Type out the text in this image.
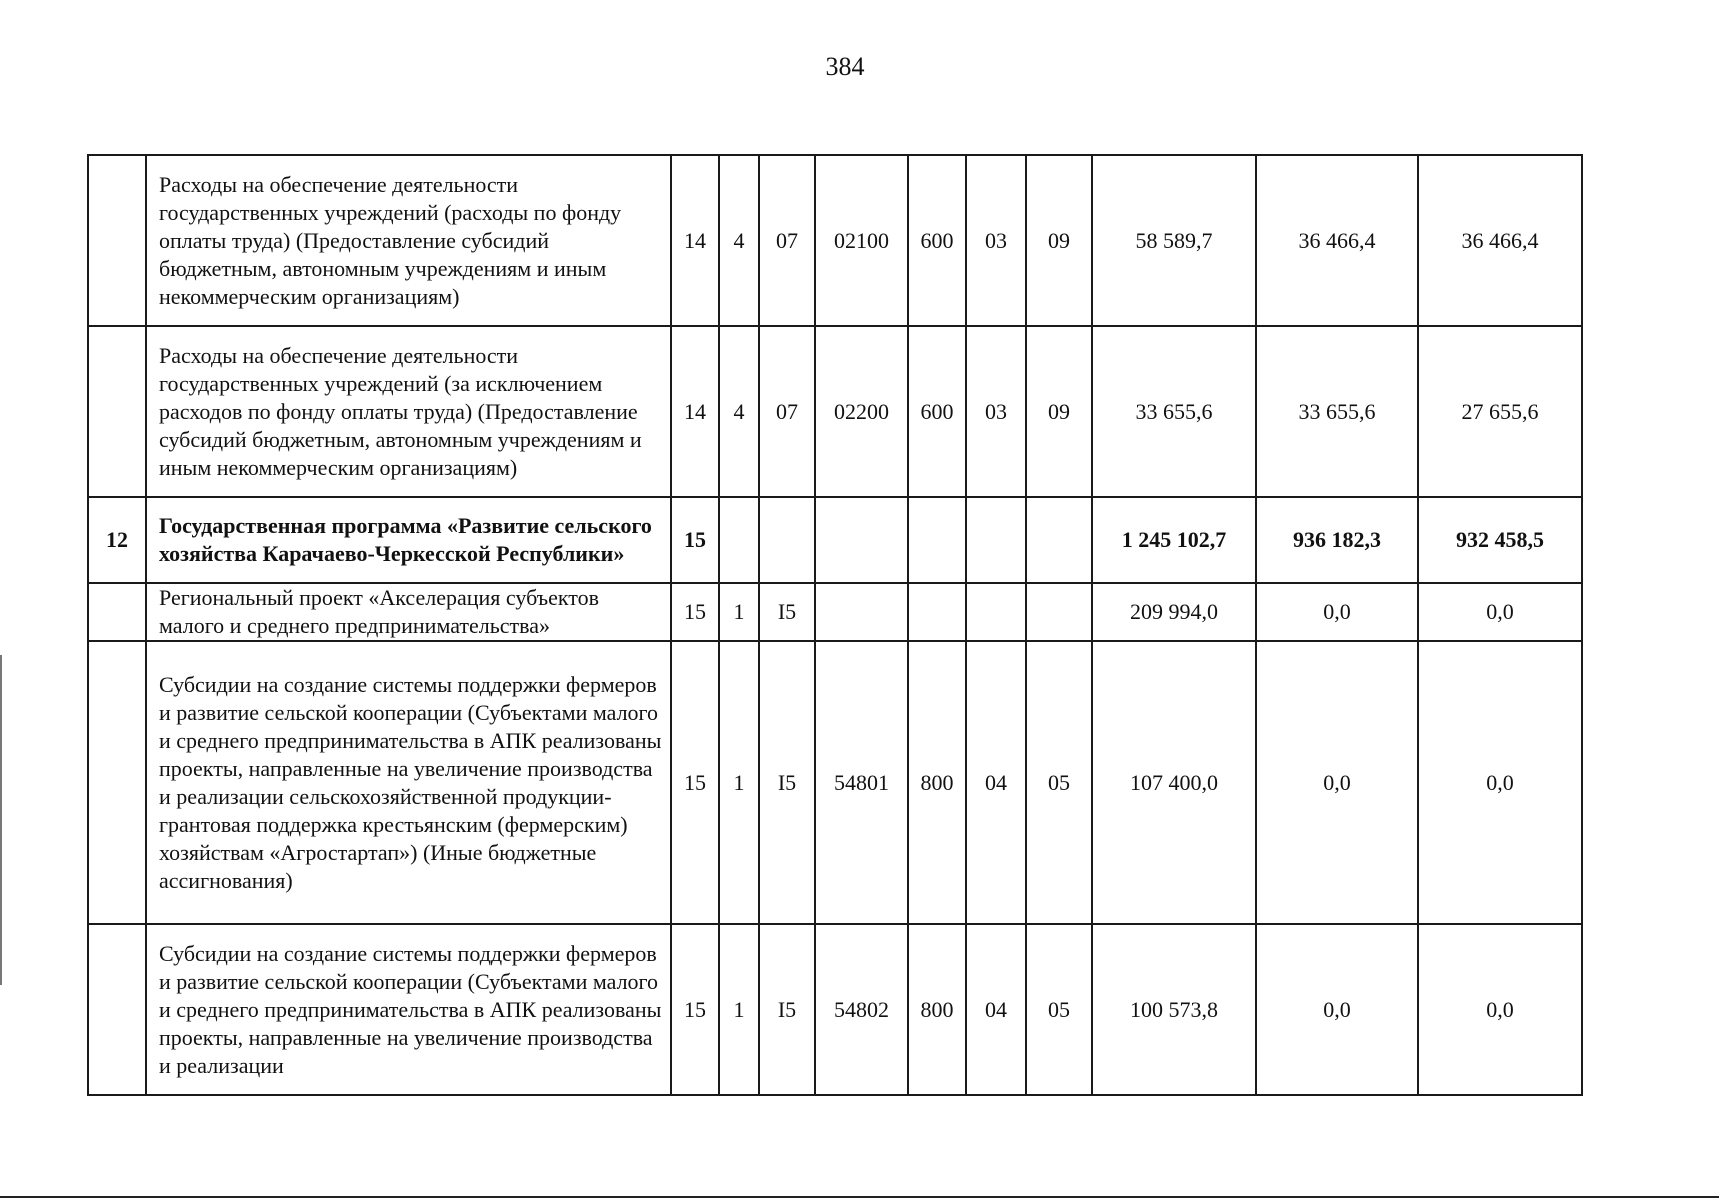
384
	Расходы на обеспечение деятельности государственных учреждений (расходы по фонду оплаты труда) (Предоставление субсидий бюджетным, автономным учреждениям и иным некоммерческим организациям)	14	4	07	02100	600	03	09	58 589,7	36 466,4	36 466,4
	Расходы на обеспечение деятельности государственных учреждений (за исключением расходов по фонду оплаты труда) (Предоставление субсидий бюджетным, автономным учреждениям и иным некоммерческим организациям)	14	4	07	02200	600	03	09	33 655,6	33 655,6	27 655,6
12	Государственная программа «Развитие сельского хозяйства Карачаево-Черкесской Республики»	15							1 245 102,7	936 182,3	932 458,5
	Региональный проект «Акселерация субъектов малого и среднего предпринимательства»	15	1	I5					209 994,0	0,0	0,0
	Субсидии на создание системы поддержки фермеров и развитие сельской кооперации (Субъектами малого и среднего предпринимательства в АПК реализованы проекты, направленные на увеличение производства и реализации сельскохозяйственной продукции-грантовая поддержка крестьянским (фермерским) хозяйствам «Агростартап») (Иные бюджетные ассигнования)	15	1	I5	54801	800	04	05	107 400,0	0,0	0,0
	Субсидии на создание системы поддержки фермеров и развитие сельской кооперации (Субъектами малого и среднего предпринимательства в АПК реализованы проекты, направленные на увеличение производства и реализации	15	1	I5	54802	800	04	05	100 573,8	0,0	0,0
